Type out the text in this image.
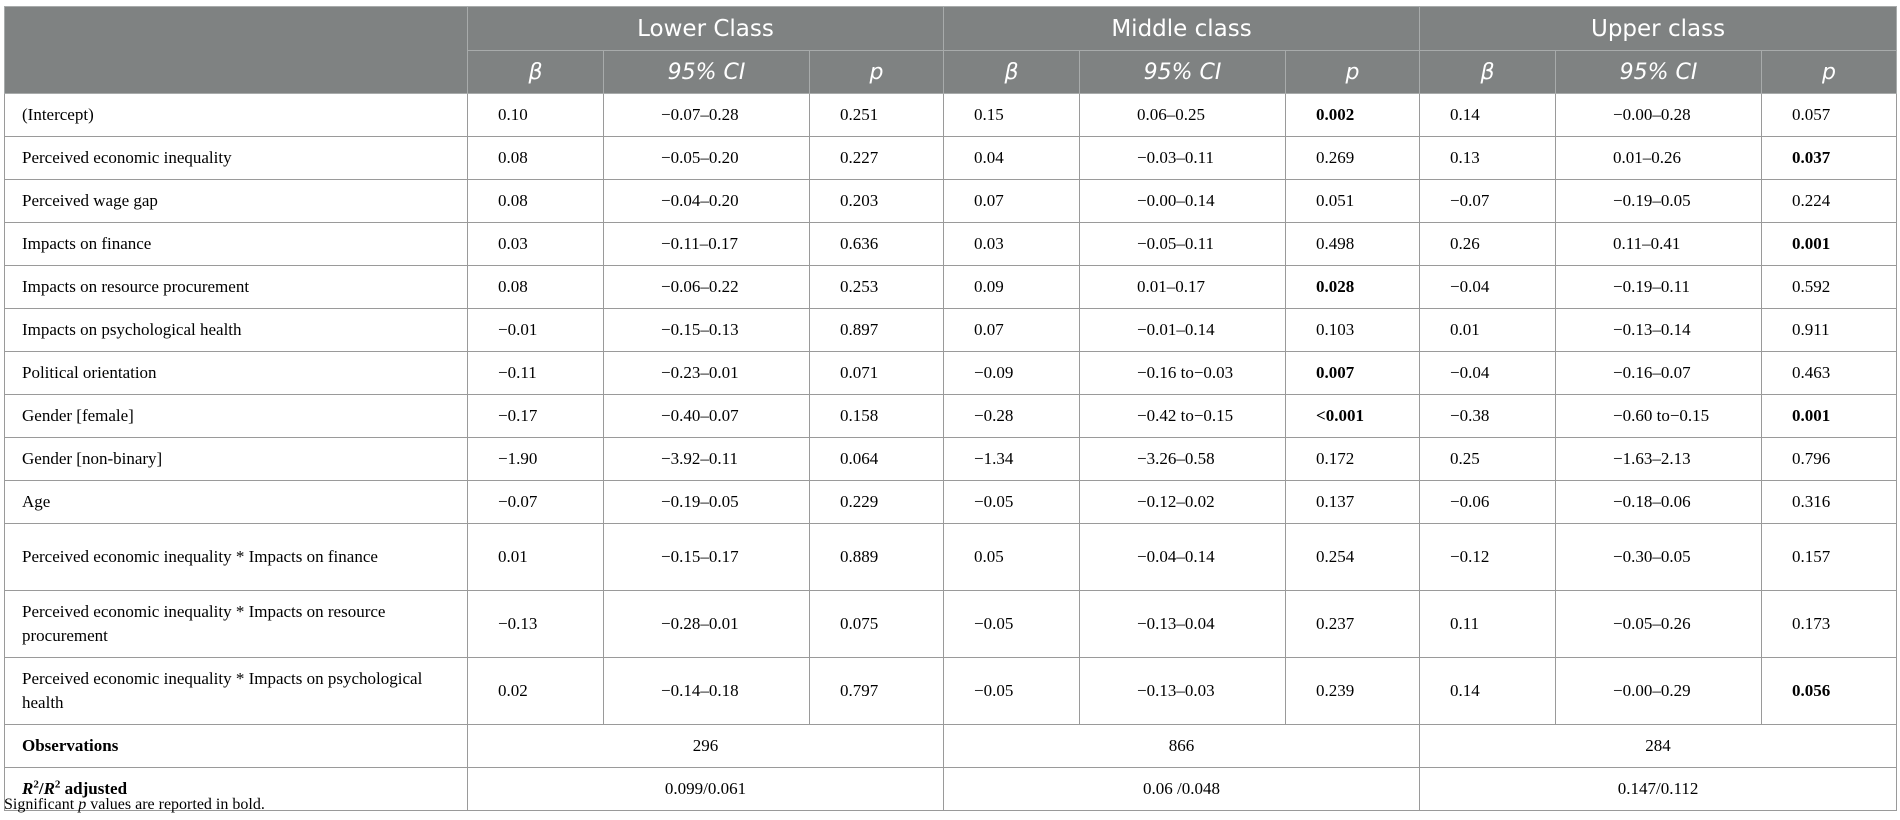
	Lower Class			Middle class			Upper class		
	β	95% CI	p	β	95% CI	p	β	95% CI	p
(Intercept)	0.10	−0.07–0.28	0.251	0.15	0.06–0.25	0.002	0.14	−0.00–0.28	0.057
Perceived economic inequality	0.08	−0.05–0.20	0.227	0.04	−0.03–0.11	0.269	0.13	0.01–0.26	0.037
Perceived wage gap	0.08	−0.04–0.20	0.203	0.07	−0.00–0.14	0.051	−0.07	−0.19–0.05	0.224
Impacts on finance	0.03	−0.11–0.17	0.636	0.03	−0.05–0.11	0.498	0.26	0.11–0.41	0.001
Impacts on resource procurement	0.08	−0.06–0.22	0.253	0.09	0.01–0.17	0.028	−0.04	−0.19–0.11	0.592
Impacts on psychological health	−0.01	−0.15–0.13	0.897	0.07	−0.01–0.14	0.103	0.01	−0.13–0.14	0.911
Political orientation	−0.11	−0.23–0.01	0.071	−0.09	−0.16 to−0.03	0.007	−0.04	−0.16–0.07	0.463
Gender [female]	−0.17	−0.40–0.07	0.158	−0.28	−0.42 to−0.15	<0.001	−0.38	−0.60 to−0.15	0.001
Gender [non-binary]	−1.90	−3.92–0.11	0.064	−1.34	−3.26–0.58	0.172	0.25	−1.63–2.13	0.796
Age	−0.07	−0.19–0.05	0.229	−0.05	−0.12–0.02	0.137	−0.06	−0.18–0.06	0.316
Perceived economic inequality * Impacts on finance	0.01	−0.15–0.17	0.889	0.05	−0.04–0.14	0.254	−0.12	−0.30–0.05	0.157
Perceived economic inequality * Impacts on resource procurement	−0.13	−0.28–0.01	0.075	−0.05	−0.13–0.04	0.237	0.11	−0.05–0.26	0.173
Perceived economic inequality * Impacts on psychological health	0.02	−0.14–0.18	0.797	−0.05	−0.13–0.03	0.239	0.14	−0.00–0.29	0.056
Observations	296			866			284		
$R^2/R^2$ adjusted	0.099/0.061			0.06 /0.048			0.147/0.112		
Significant p values are reported in bold.
